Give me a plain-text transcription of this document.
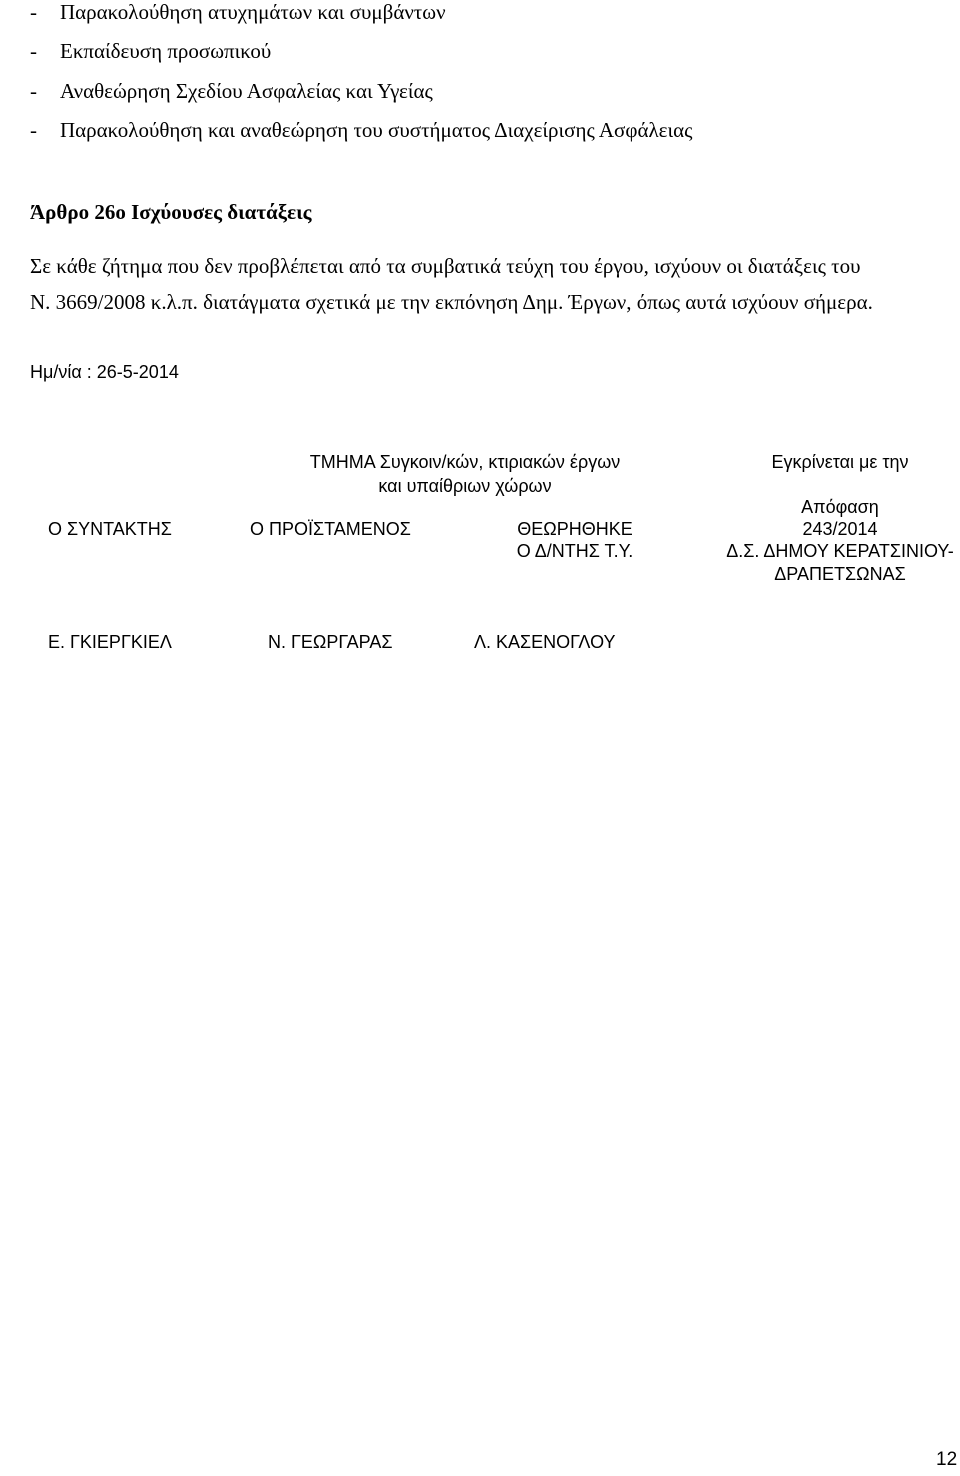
- Παρακολούθηση ατυχημάτων και συμβάντων
- Εκπαίδευση προσωπικού
- Αναθεώρηση Σχεδίου Ασφαλείας και Υγείας
- Παρακολούθηση και αναθεώρηση του συστήματος Διαχείρισης Ασφάλειας
Άρθρο 26ο Ισχύουσες διατάξεις
Σε κάθε ζήτημα που δεν προβλέπεται από τα συμβατικά τεύχη του έργου, ισχύουν οι διατάξεις του
Ν. 3669/2008 κ.λ.π. διατάγματα σχετικά με την εκπόνηση Δημ. Έργων, όπως αυτά ισχύουν σήμερα.
Ημ/νία : 26-5-2014
ΤΜΗΜΑ Συγκοιν/κών, κτιριακών έργων
και υπαίθριων χώρων
Εγκρίνεται με την
Απόφαση
243/2014
Δ.Σ. ΔΗΜΟΥ ΚΕΡΑΤΣΙΝΙΟΥ-
ΔΡΑΠΕΤΣΩΝΑΣ
Ο ΣΥΝΤΑΚΤΗΣ	Ο ΠΡΟΪΣΤΑΜΕΝΟΣ	ΘΕΩΡΗΘΗΚΕ
Ο Δ/ΝΤΗΣ Τ.Υ.
Ε. ΓΚΙΕΡΓΚΙΕΛ	Ν. ΓΕΩΡΓΑΡΑΣ	Λ. ΚΑΣΕΝΟΓΛΟΥ
12
